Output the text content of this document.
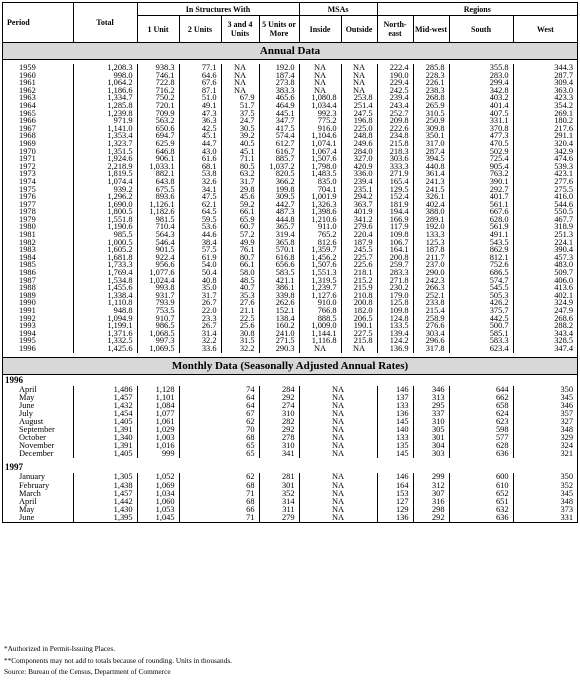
Period	Total	In Structures With				MSAs		Regions			
		1 Unit	2 Units	3 and 4 Units	5 Units or More	Inside	Outside	North-east	Mid-west	South	West
Annual Data											

1959	1,208.3	938.3	77.1	NA	192.0	NA	NA	222.4	285.8	355.8	344.3
1960	998.0	746.1	64.6	NA	187.4	NA	NA	190.0	228.3	283.0	287.7
1961	1,064.2	722.8	67.6	NA	273.8	NA	NA	229.4	226.1	299.4	309.4
1962	1,186.6	716.2	87.1	NA	383.3	NA	NA	242.5	238.3	342.8	363.0
1963	1,334.7	750.2	51.0	67.9	465.6	1,080.8	253.8	239.4	268.8	403.2	423.3
1964	1,285.8	720.1	49.1	51.7	464.9	1,034.4	251.4	243.4	265.9	401.4	354.2
1965	1,239.8	709.9	47.3	37.5	445.1	992.3	247.5	252.7	310.5	407.5	269.1
1966	971.9	563.2	36.3	24.7	347.7	775.2	196.8	209.8	250.9	331.1	180.2
1967	1,141.0	650.6	42.5	30.5	417.5	916.0	225.0	222.6	309.8	370.8	217.6
1968	1,353.4	694.7	45.1	39.2	574.4	1,104.6	248.8	234.8	350.1	477.3	291.1
1969	1,323.7	625.9	44.7	40.5	612.7	1,074.1	249.6	215.8	317.0	470.5	320.4
1970	1,351.5	646.8	43.0	45.1	616.7	1,067.4	284.0	218.3	287.4	502.9	342.9
1971	1,924.6	906.1	61.6	71.1	885.7	1,507.6	327.0	303.6	394.5	725.4	474.6
1972	2,218.9	1,033.1	68.1	80.5	1,037.2	1,798.0	420.9	333.3	440.8	905.4	539.3
1973	1,819.5	882.1	53.8	63.2	820.5	1,483.5	336.0	271.9	361.4	763.2	423.1
1974	1,074.4	643.8	32.6	31.7	366.2	835.0	239.4	165.4	241.3	390.1	277.6
1975	939.2	675.5	34.1	29.8	199.8	704.1	235.1	129.5	241.5	292.7	275.5
1976	1,296.2	893.6	47.5	45.6	309.5	1,001.9	294.2	152.4	326.1	401.7	416.0
1977	1,690.0	1,126.1	62.1	59.2	442.7	1,326.3	363.7	181.9	402.4	561.1	544.6
1978	1,800.5	1,182.6	64.5	66.1	487.3	1,398.6	401.9	194.4	388.0	667.6	550.5
1979	1,551.8	981.5	59.5	65.9	444.8	1,210.6	341.2	166.9	289.1	628.0	467.7
1980	1,190.6	710.4	53.6	60.7	365.7	911.0	279.6	117.9	192.0	561.9	318.9
1981	985.5	564.3	44.6	57.2	319.4	765.2	220.4	109.8	133.3	491.1	251.3
1982	1,000.5	546.4	38.4	49.9	365.8	812.6	187.9	106.7	125.3	543.5	224.1
1983	1,605.2	901.5	57.5	76.1	570.1	1,359.7	245.5	164.1	187.8	862.9	390.4
1984	1,681.8	922.4	61.9	80.7	616.8	1,456.2	225.7	200.8	211.7	812.1	457.3
1985	1,733.3	956.6	54.0	66.1	656.6	1,507.6	225.6	259.7	237.0	752.6	483.0
1986	1,769.4	1,077.6	50.4	58.0	583.5	1,551.3	218.1	283.3	290.0	686.5	509.7
1987	1,534.8	1,024.4	40.8	48.5	421.1	1,319.5	215.2	271.8	242.3	574.7	406.0
1988	1,455.6	993.8	35.0	40.7	386.1	1,239.7	215.9	230.2	266.3	545.5	413.6
1989	1,338.4	931.7	31.7	35.3	339.8	1,127.6	210.8	179.0	252.1	505.3	402.1
1990	1,110.8	793.9	26.7	27.6	262.6	910.0	200.8	125.8	233.8	426.2	324.9
1991	948.8	753.5	22.0	21.1	152.1	766.8	182.0	109.8	215.4	375.7	247.9
1992	1,094.9	910.7	23.3	22.5	138.4	888.5	206.5	124.8	258.9	442.5	268.6
1993	1,199.1	986.5	26.7	25.6	160.2	1,009.0	190.1	133.5	276.6	500.7	288.2
1994	1,371.6	1,068.5	31.4	30.8	241.0	1,144.1	227.5	139.4	303.4	585.1	343.4
1995	1,332.5	997.3	32.2	31.5	271.5	1,116.8	215.8	124.2	296.6	583.3	328.5
1996	1,425.6	1,069.5	33.6	32.2	290.3	NA	NA	136.9	317.8	623.4	347.4

Monthly Data (Seasonally Adjusted Annual Rates)											
1996											
April	1,486	1,128	74		284	NA		146	346	644	350
May	1,457	1,101	64		292	NA		137	313	662	345
June	1,432	1,084	64		274	NA		133	295	658	346
July	1,454	1,077	67		310	NA		136	337	624	357
August	1,405	1,061	62		282	NA		145	310	623	327
September	1,391	1,029	70		292	NA		140	305	598	348
October	1,340	1,003	68		278	NA		133	301	577	329
November	1,391	1,016	65		310	NA		135	304	628	324
December	1,405	999	65		341	NA		145	303	636	321

1997											
January	1,305	1,052	62		281	NA		146	299	600	350
February	1,438	1,069	68		301	NA		164	312	610	352
March	1,457	1,034	71		352	NA		153	307	652	345
April	1,442	1,060	68		314	NA		127	316	651	348
May	1,430	1,053	66		311	NA		129	298	632	373
June	1,395	1,045	71		279	NA		136	292	636	331
*Authorized in Permit-Issuing Places.
**Components may not add to totals because of rounding. Units in thousands.
Source: Bureau of the Census, Department of Commerce
